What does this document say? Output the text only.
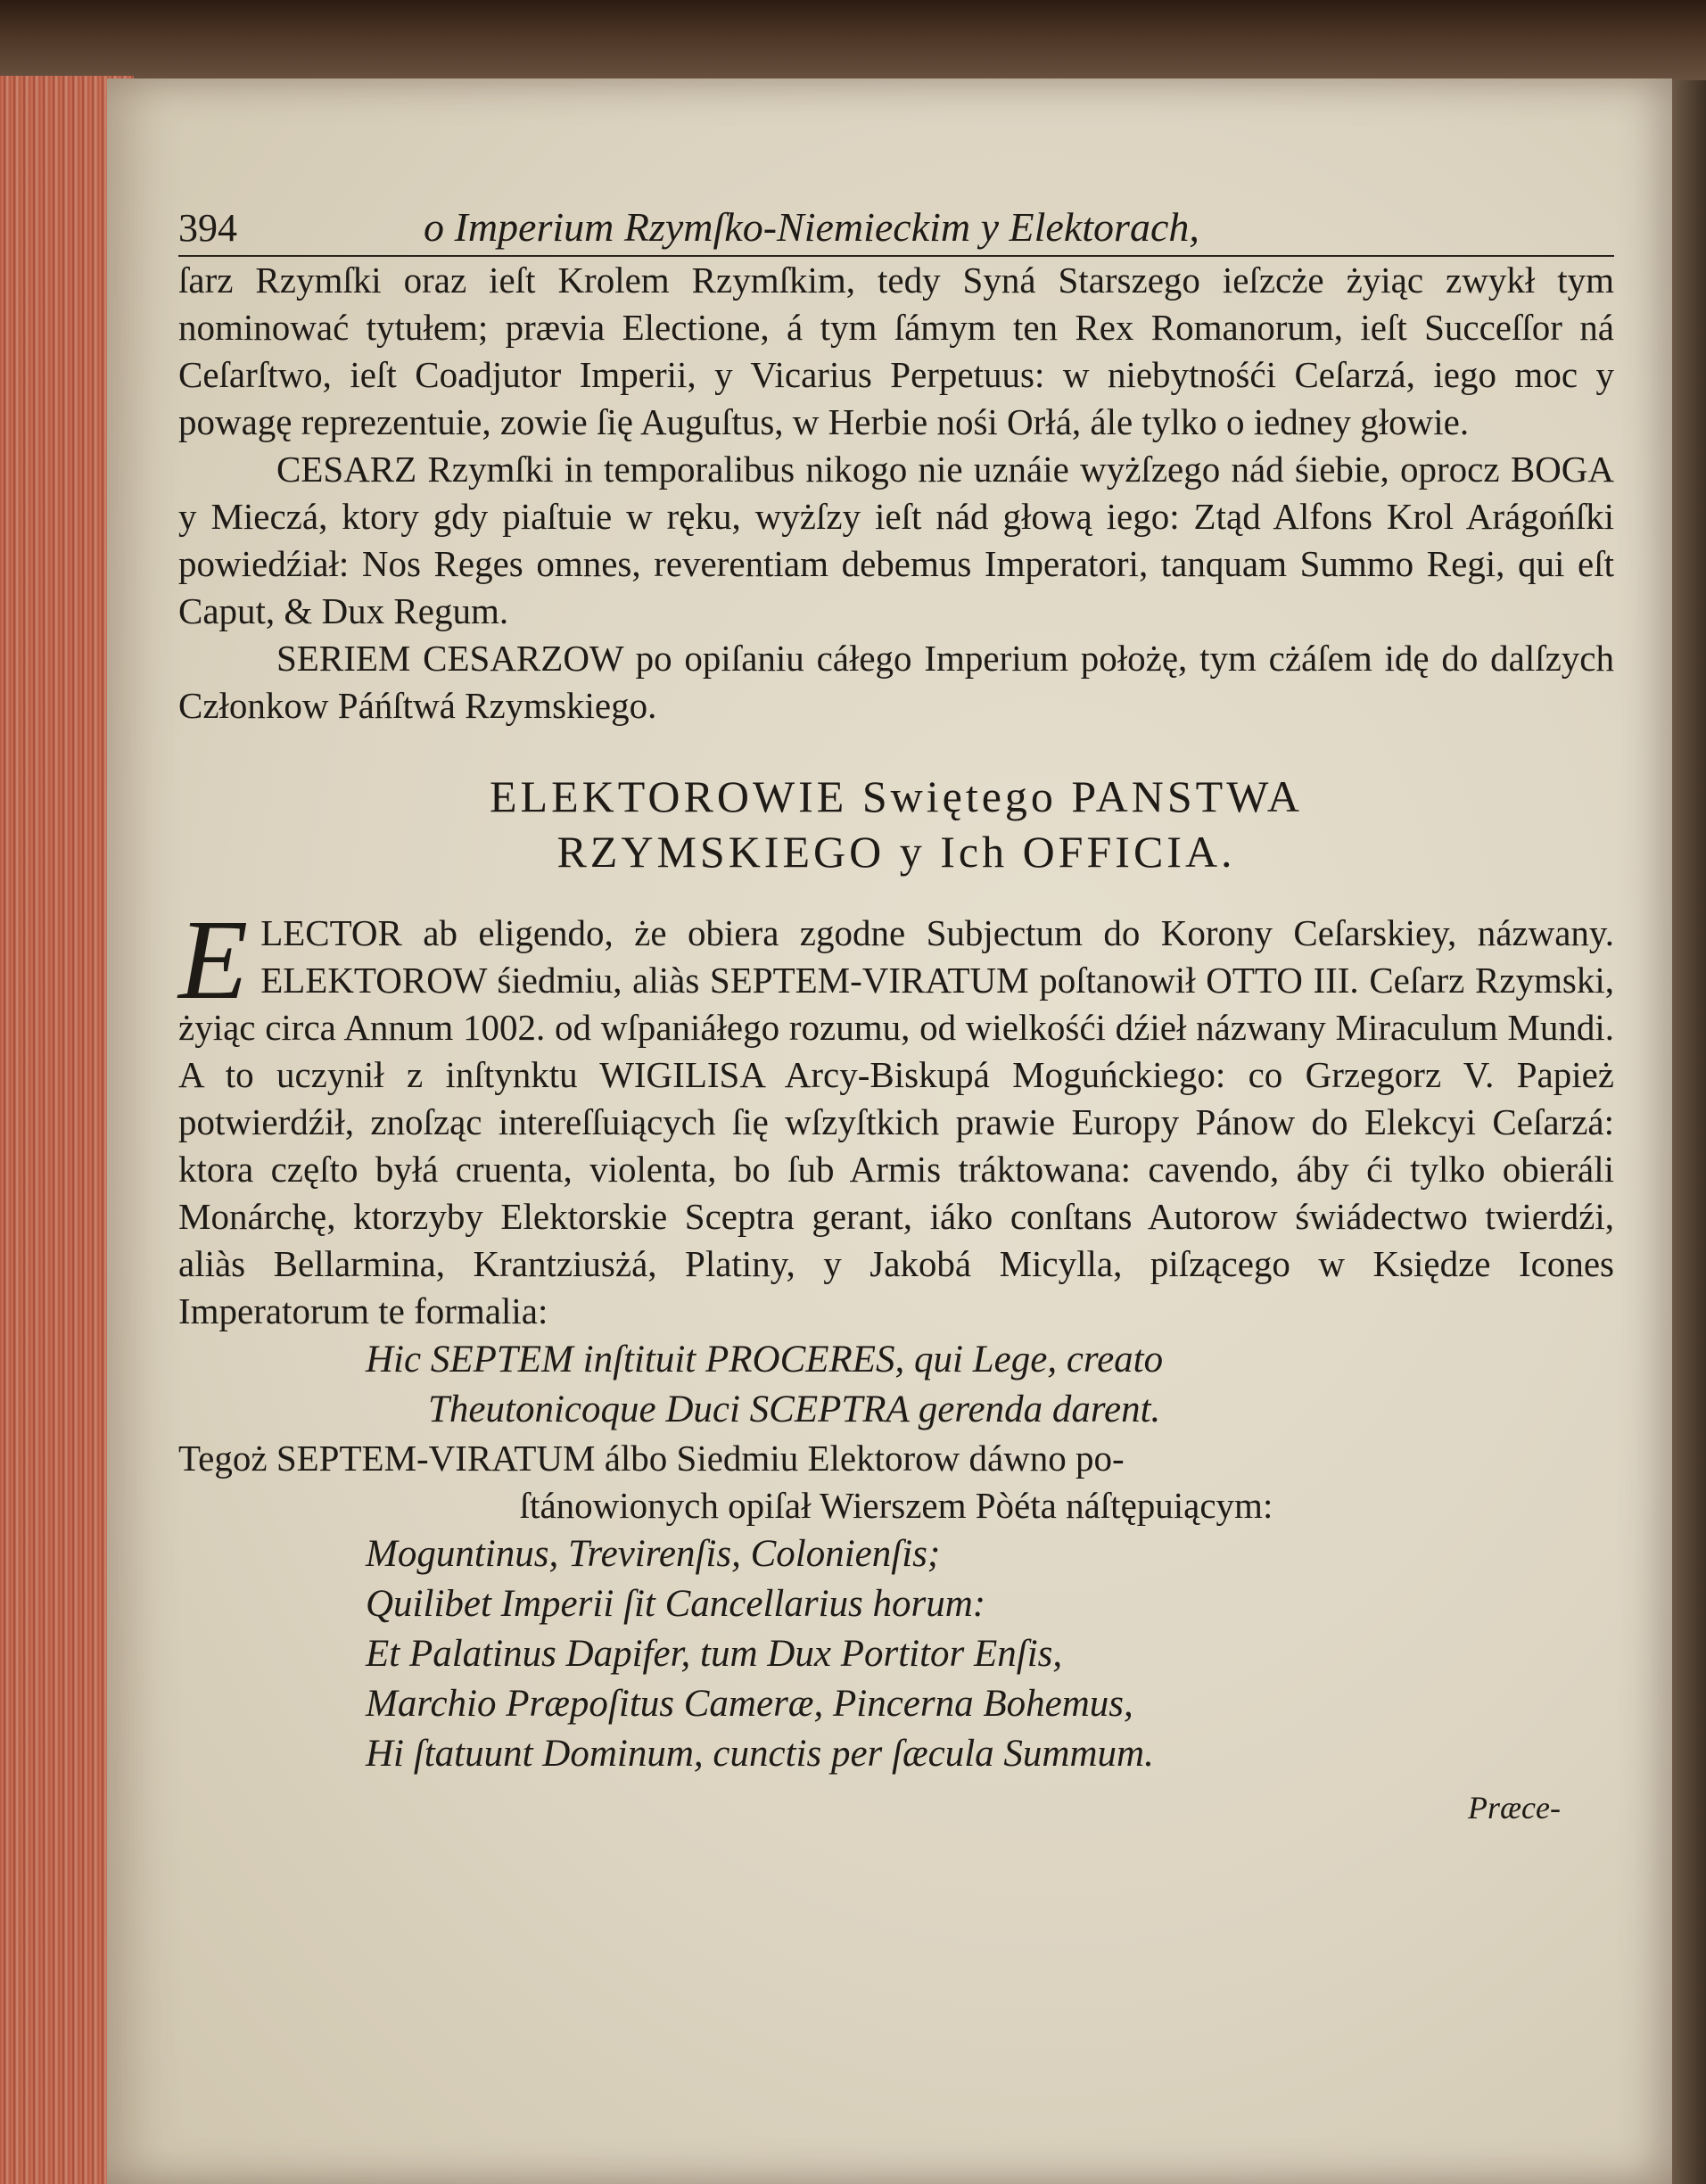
394	o Imperium Rzymſko-Niemieckim y Elektorach,

ſarz Rzymſki oraz ieſt Krolem Rzymſkim, tedy Syná Starszego ieſzcże żyiąc zwykł tym nominować tytułem; prævia Electione, á tym ſámym ten Rex Romanorum, ieſt Succeſſor ná Ceſarſtwo, ieſt Coadjutor Imperii, y Vicarius Perpetuus: w niebytnośći Ceſarzá, iego moc y powagę reprezentuie, zowie ſię Auguſtus, w Herbie nośi Orłá, ále tylko o iedney głowie.

CESARZ Rzymſki in temporalibus nikogo nie uznáie wyżſzego nád śiebie, oprocz BOGA y Mieczá, ktory gdy piaſtuie w ręku, wyżſzy ieſt nád głową iego: Ztąd Alfons Krol Arágońſki powiedźiał: Nos Reges omnes, reverentiam debemus Imperatori, tanquam Summo Regi, qui eſt Caput, & Dux Regum.

SERIEM CESARZOW po opiſaniu cáłego Imperium położę, tym cżáſem idę do dalſzych Członkow Páńſtwá Rzymskiego.

ELEKTOROWIE Swiętego PANSTWA
RZYMSKIEGO y Ich OFFICIA.

E LECTOR ab eligendo, że obiera zgodne Subjectum do Korony Ceſarskiey, názwany. ELEKTOROW śiedmiu, aliàs SEPTEM-VIRATUM poſtanowił OTTO III. Ceſarz Rzymski, żyiąc circa Annum 1002. od wſpaniáłego rozumu, od wielkośći dźieł názwany Miraculum Mundi. A to uczynił z inſtynktu WIGILISA Arcy-Biskupá Moguńckiego: co Grzegorz V. Papież potwierdźił, znoſząc intereſſuiących ſię wſzyſtkich prawie Europy Pánow do Elekcyi Ceſarzá: ktora częſto byłá cruenta, violenta, bo ſub Armis tráktowana: cavendo, áby ći tylko obieráli Monárchę, ktorzyby Elektorskie Sceptra gerant, iáko conſtans Autorow świádectwo twierdźi, aliàs Bellarmina, Krantziusżá, Platiny, y Jakobá Micylla, piſzącego w Księdze Icones Imperatorum te formalia:

Hic SEPTEM inſtituit PROCERES, qui Lege, creato
Theutonicoque Duci SCEPTRA gerenda darent.
Tegoż SEPTEM-VIRATUM álbo Siedmiu Elektorow dáwno po-
ſtánowionych opiſał Wierszem Pòéta náſtępuiącym:
Moguntinus, Trevirenſis, Colonienſis;
Quilibet Imperii ſit Cancellarius horum:
Et Palatinus Dapifer, tum Dux Portitor Enſis,
Marchio Præpoſitus Cameræ, Pincerna Bohemus,
Hi ſtatuunt Dominum, cunctis per ſæcula Summum.
Præce-
